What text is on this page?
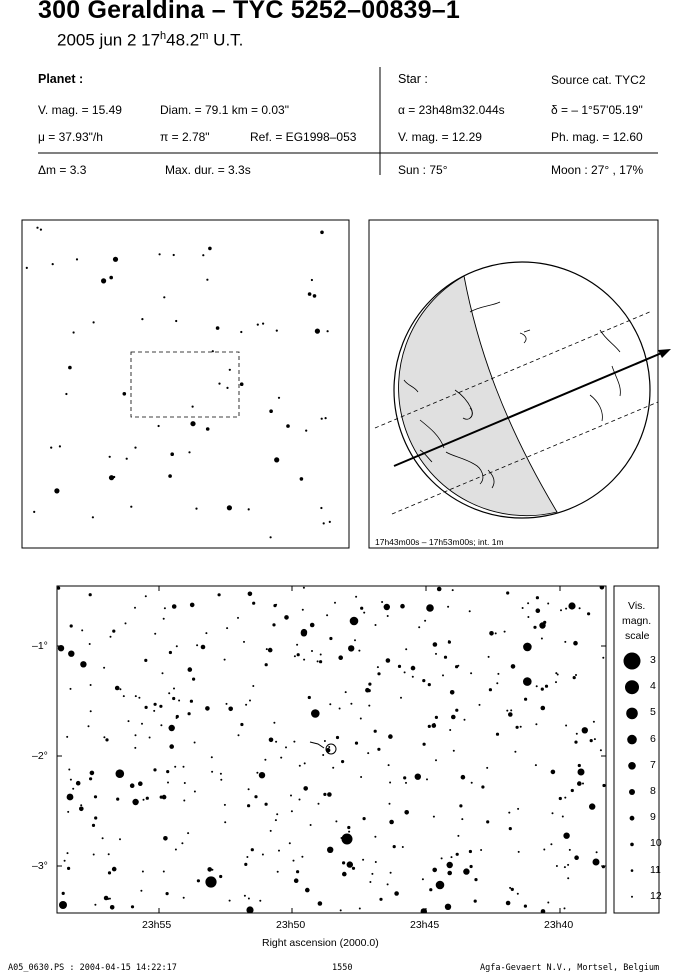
300 Geraldina – TYC 5252–00839–1
2005 jun 2 17$^h$48.2$^m$ U.T.
Planet :
V. mag. = 15.49	Diam. = 79.1 km = 0.03"
μ = 37.93"/h	π = 2.78"	Ref. = EG1998–053
Star :	Source cat. TYC2
α = 23h48m32.044s	δ = – 1°57'05.19"
V. mag. = 12.29	Ph. mag. = 12.60
Δm = 3.3	Max. dur. = 3.3s	Sun : 75°	Moon : 27° , 17%
17h43m00s – 17h53m00s; int. 1m
Vis.
magn.
scale
3
4
5
6
7
8
9
10
11
12
–1°
–2°
–3°
23h55	23h50	23h45	23h40
Right ascension (2000.0)
A05_0630.PS : 2004-04-15 14:22:17	1550	Agfa-Gevaert N.V., Mortsel, Belgium
